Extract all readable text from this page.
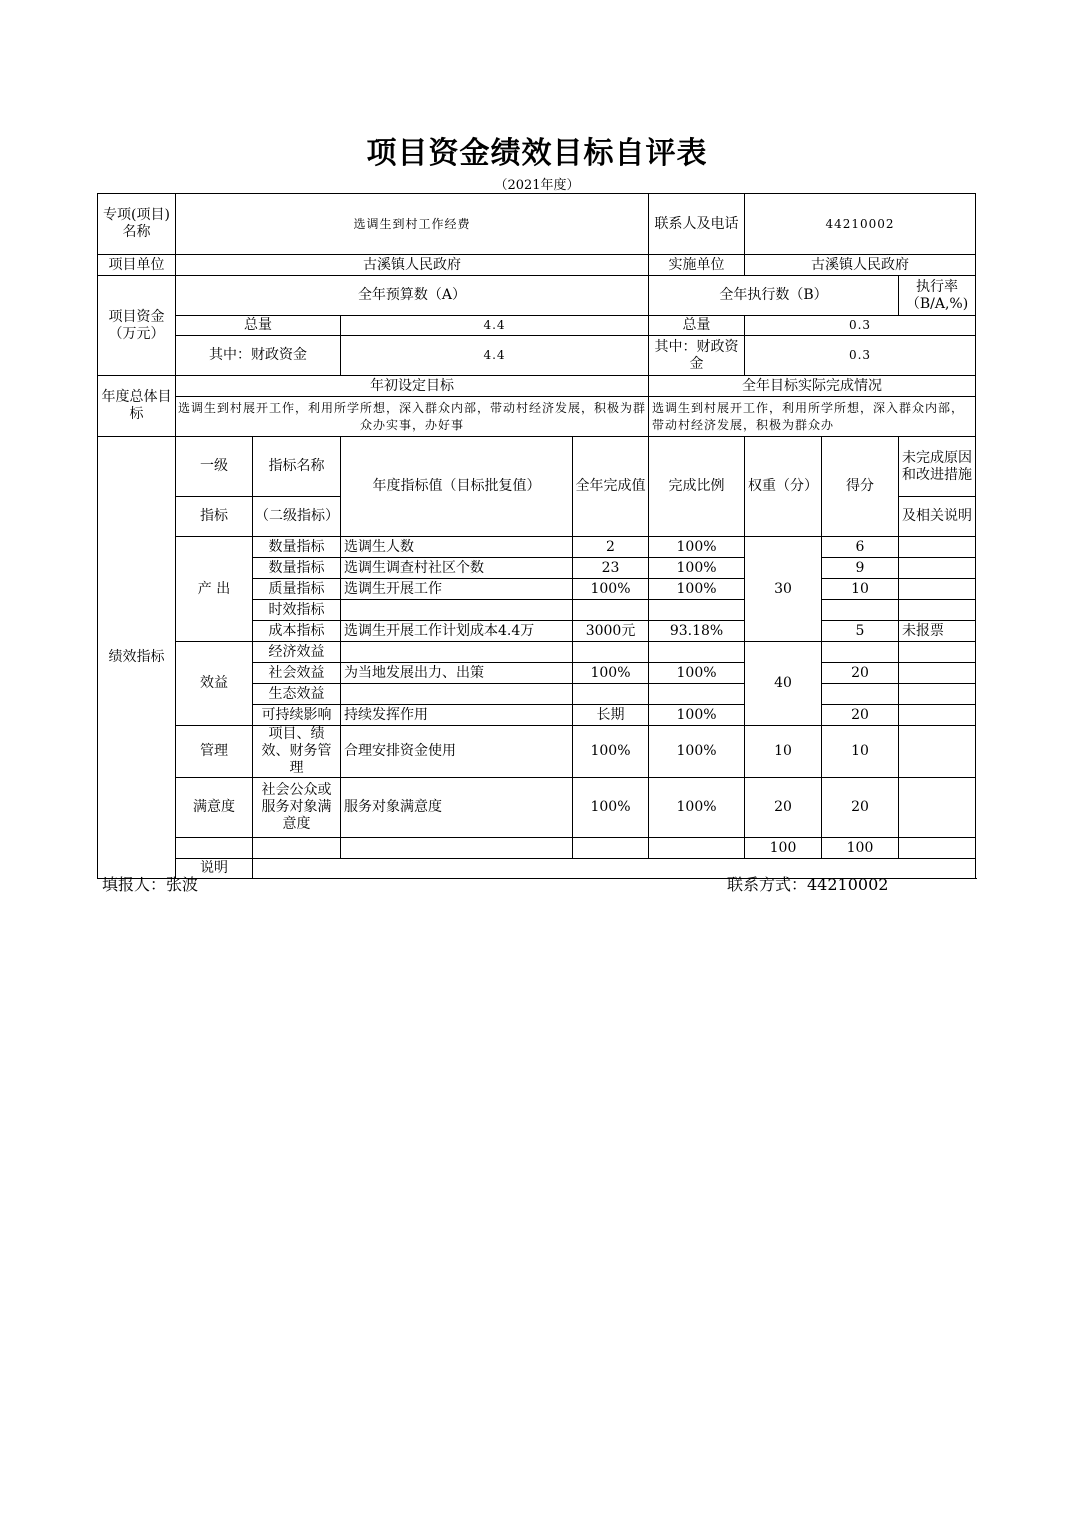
项目资金绩效目标自评表
（2021年度）
专项(项目)名称	选调生到村工作经费				联系人及电话	44210002			
项目单位	古溪镇人民政府				实施单位	古溪镇人民政府			
项目资金（万元）	全年预算数（A）				全年执行数（B）			执行率（B/A,%)	
	总量		4.4		总量	0.3	
	其中：财政资金		4.4		其中：财政资金	0.3	
年度总体目标	年初设定目标				全年目标实际完成情况				
	选调生到村展开工作，利用所学所想，深入群众内部，带动村经济发展，积极为群众办实事，办好事				选调生到村展开工作，利用所学所想，深入群众内部，带动村经济发展，积极为群众办				
绩效指标	一级	指标名称	年度指标值（目标批复值）	全年完成值	完成比例	权重（分）	得分	未完成原因和改进措施	
	指标	（二级指标）						及相关说明	
	产 出	数量指标	选调生人数	2	100%	30	6		
		数量指标	选调生调查村社区个数	23	100%		9		
		质量指标	选调生开展工作	100%	100%		10		
		时效指标							
		成本指标	选调生开展工作计划成本4.4万	3000元	93.18%		5	未报票	
	效益	经济效益				40			
		社会效益	为当地发展出力、出策	100%	100%		20		
		生态效益							
		可持续影响	持续发挥作用	长期	100%		20		
	管理	项目、绩效、财务管理	合理安排资金使用	100%	100%	10	10		
	满意度	社会公众或服务对象满意度	服务对象满意度	100%	100%	20	20		
						100	100		
	说明								
填报人：张波	联系方式：44210002
